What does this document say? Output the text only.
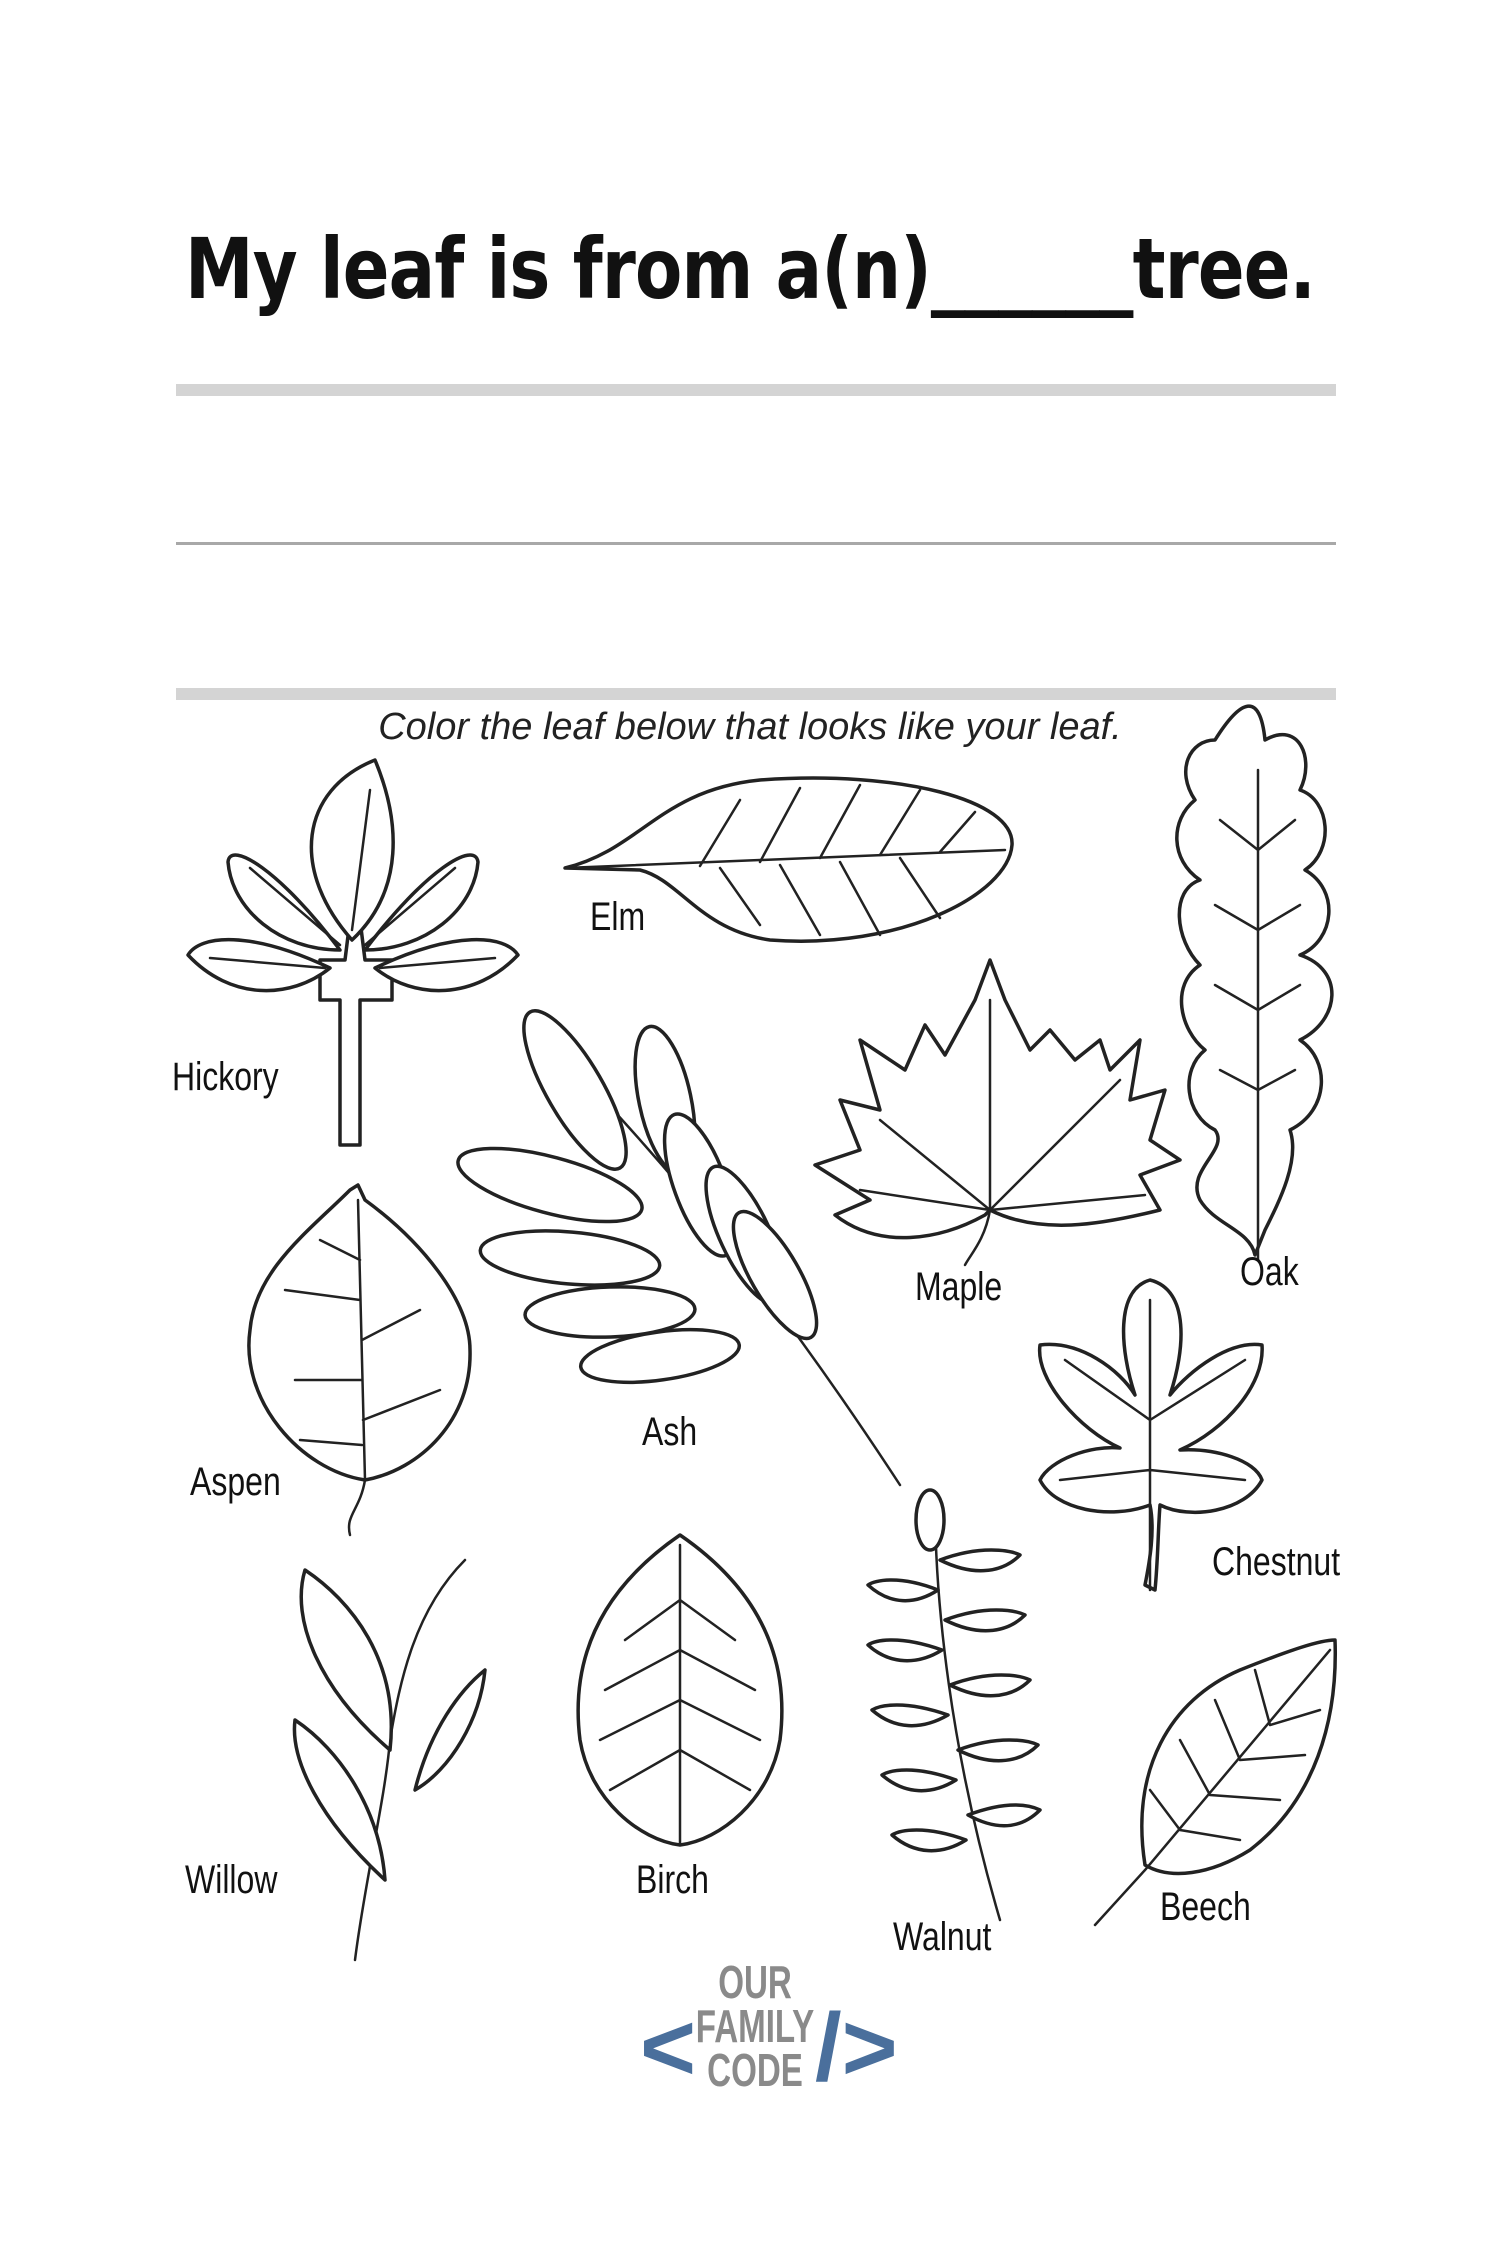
My leaf is from a(n)______tree.
Color the leaf below that looks like your leaf.
Hickory
Elm
Oak
Maple
Ash
Aspen
Chestnut
Willow	Birch
Walnut
Beech
OUR
FAMILY
CODE
< />
